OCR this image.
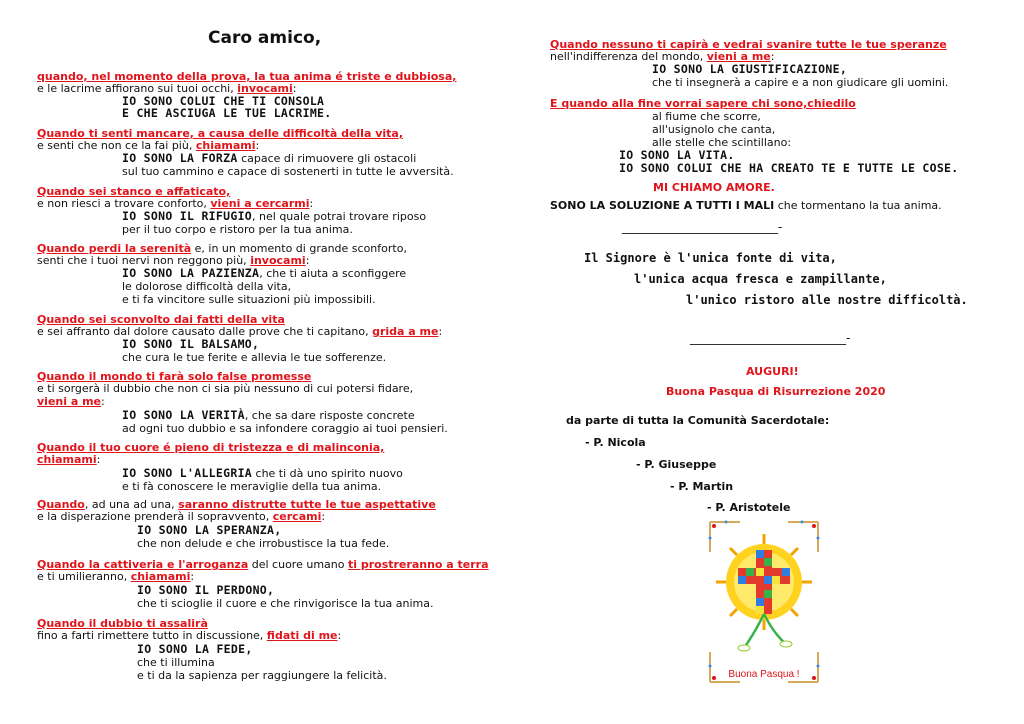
Caro amico,
quando, nel momento della prova, la tua anima é triste e dubbiosa,
e le lacrime affiorano sui tuoi occhi, invocami:
IO SONO COLUI CHE TI CONSOLA
E CHE ASCIUGA LE TUE LACRIME.
Quando ti senti mancare, a causa delle difficoltà della vita,
e senti che non ce la fai più, chiamami:
IO SONO LA FORZA capace di rimuovere gli ostacoli
sul tuo cammino e capace di sostenerti in tutte le avversità.
Quando sei stanco e affaticato,
e non riesci a trovare conforto, vieni a cercarmi:
IO SONO IL RIFUGIO, nel quale potrai trovare riposo
per il tuo corpo e ristoro per la tua anima.
Quando perdi la serenità e, in un momento di grande sconforto,
senti che i tuoi nervi non reggono più, invocami:
IO SONO LA PAZIENZA, che ti aiuta a sconfiggere
le dolorose difficoltà della vita,
e ti fa vincitore sulle situazioni più impossibili.
Quando sei sconvolto dai fatti della vita
e sei affranto dal dolore causato dalle prove che ti capitano, grida a me:
IO SONO IL BALSAMO,
che cura le tue ferite e allevia le tue sofferenze.
Quando il mondo ti farà solo false promesse
e ti sorgerà il dubbio che non ci sia più nessuno di cui potersi fidare,
vieni a me:
IO SONO LA VERITÀ, che sa dare risposte concrete
ad ogni tuo dubbio e sa infondere coraggio ai tuoi pensieri.
Quando il tuo cuore é pieno di tristezza e di malinconia,
chiamami:
IO SONO L'ALLEGRIA che ti dà uno spirito nuovo
e ti fà conoscere le meraviglie della tua anima.
Quando, ad una ad una, saranno distrutte tutte le tue aspettative
e la disperazione prenderà il sopravvento, cercami:
IO SONO LA SPERANZA,
che non delude e che irrobustisce la tua fede.
Quando la cattiveria e l'arroganza del cuore umano ti prostreranno a terra
e ti umilieranno, chiamami:
IO SONO IL PERDONO,
che ti scioglie il cuore e che rinvigorisce la tua anima.
Quando il dubbio ti assalirà
fino a farti rimettere tutto in discussione, fidati di me:
IO SONO LA FEDE,
che ti illumina
e ti da la sapienza per raggiungere la felicità.
Quando nessuno ti capirà e vedrai svanire tutte le tue speranze
nell'indifferenza del mondo, vieni a me:
IO SONO LA GIUSTIFICAZIONE,
che ti insegnerà a capire e a non giudicare gli uomini.
E quando alla fine vorrai sapere chi sono,chiedilo
al fiume che scorre,
all'usignolo che canta,
alle stelle che scintillano:
IO SONO LA VITA.
IO SONO COLUI CHE HA CREATO TE E TUTTE LE COSE.
MI CHIAMO AMORE.
SONO LA SOLUZIONE A TUTTI I MALI che tormentano la tua anima.
__________________________-
Il Signore è l'unica fonte di vita,
l'unica acqua fresca e zampillante,
l'unico ristoro alle nostre difficoltà.
__________________________-
AUGURI!
Buona Pasqua di Risurrezione 2020
da parte di tutta la Comunità Sacerdotale:
- P. Nicola
- P. Giuseppe
- P. Martin
- P. Aristotele
Buona Pasqua !
